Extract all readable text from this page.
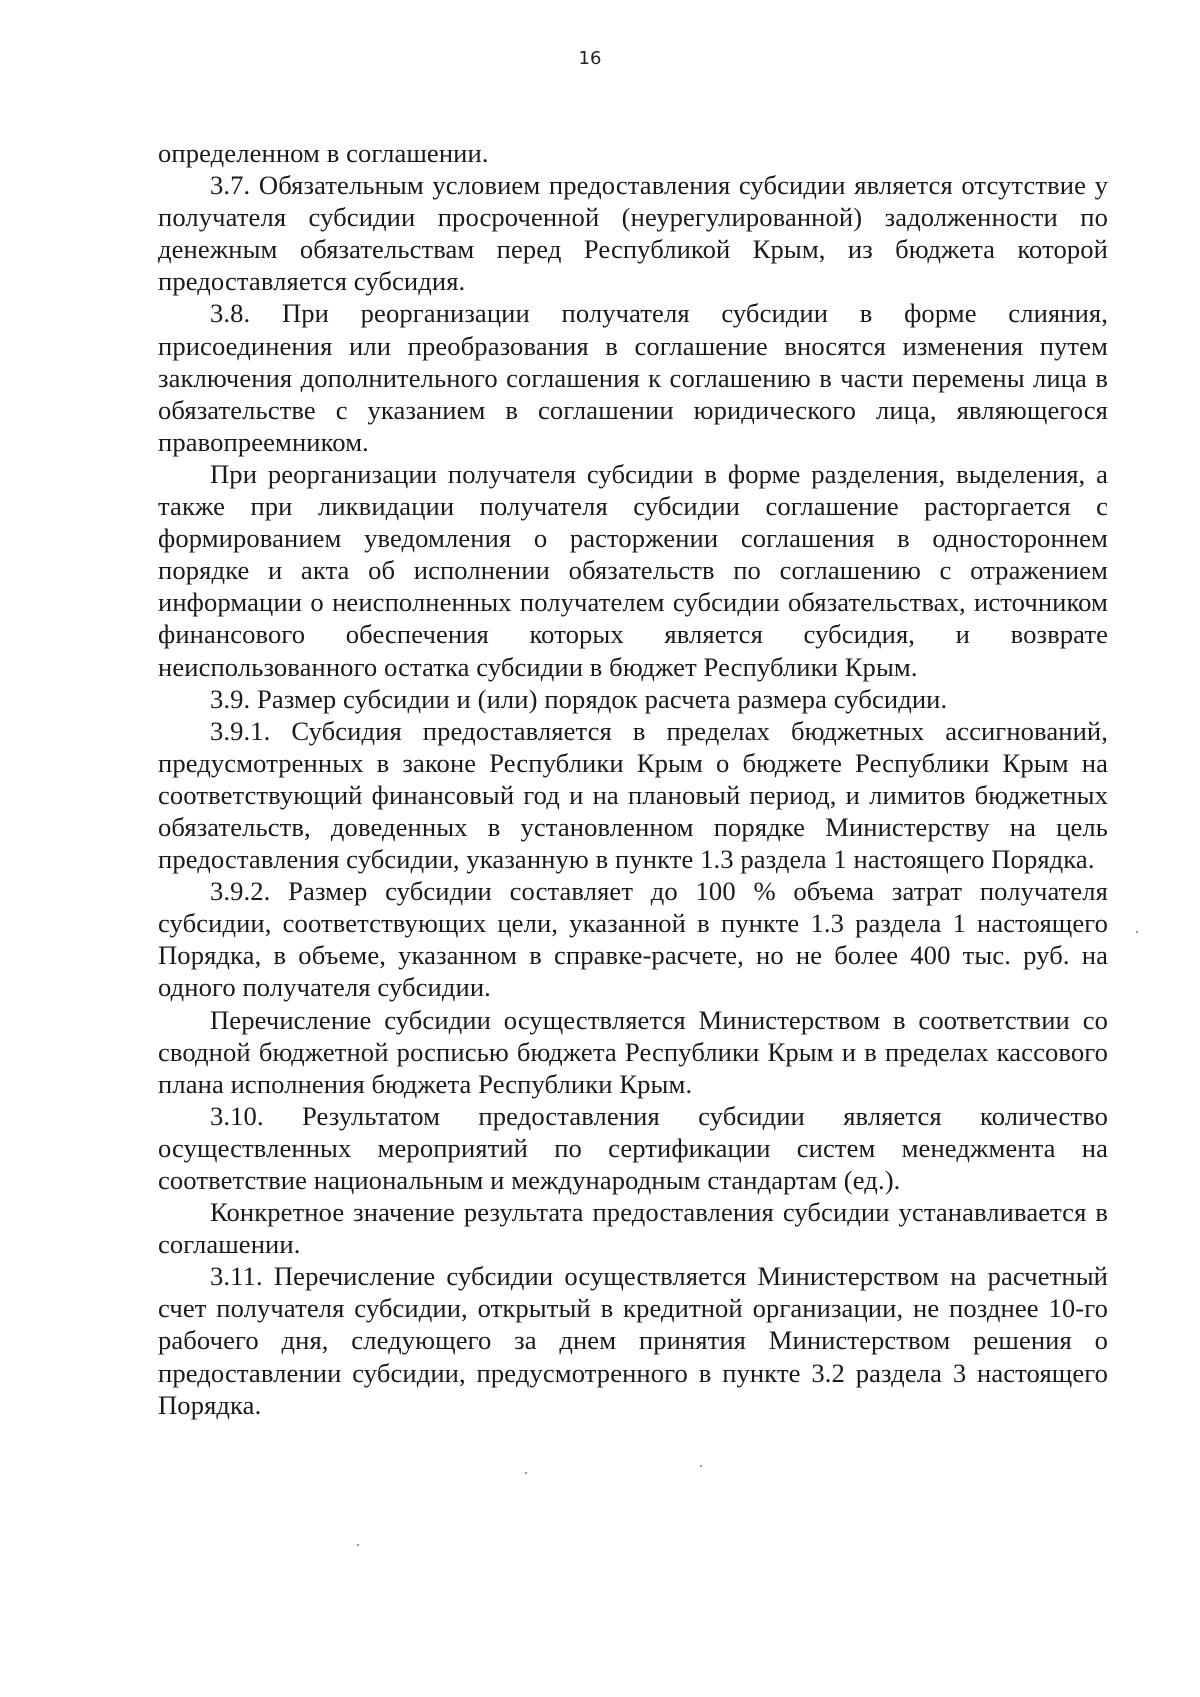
16

определенном в соглашении.

3.7. Обязательным условием предоставления субсидии является отсутствие у получателя субсидии просроченной (неурегулированной) задолженности по денежным обязательствам перед Республикой Крым, из бюджета которой предоставляется субсидия.

3.8. При реорганизации получателя субсидии в форме слияния, присоединения или преобразования в соглашение вносятся изменения путем заключения дополнительного соглашения к соглашению в части перемены лица в обязательстве с указанием в соглашении юридического лица, являющегося правопреемником.

При реорганизации получателя субсидии в форме разделения, выделения, а также при ликвидации получателя субсидии соглашение расторгается с формированием уведомления о расторжении соглашения в одностороннем порядке и акта об исполнении обязательств по соглашению с отражением информации о неисполненных получателем субсидии обязательствах, источником финансового обеспечения которых является субсидия, и возврате неиспользованного остатка субсидии в бюджет Республики Крым.

3.9. Размер субсидии и (или) порядок расчета размера субсидии.

3.9.1. Субсидия предоставляется в пределах бюджетных ассигнований, предусмотренных в законе Республики Крым о бюджете Республики Крым на соответствующий финансовый год и на плановый период, и лимитов бюджетных обязательств, доведенных в установленном порядке Министерству на цель предоставления субсидии, указанную в пункте 1.3 раздела 1 настоящего Порядка.

3.9.2. Размер субсидии составляет до 100 % объема затрат получателя субсидии, соответствующих цели, указанной в пункте 1.3 раздела 1 настоящего Порядка, в объеме, указанном в справке-расчете, но не более 400 тыс. руб. на одного получателя субсидии.

Перечисление субсидии осуществляется Министерством в соответствии со сводной бюджетной росписью бюджета Республики Крым и в пределах кассового плана исполнения бюджета Республики Крым.

3.10. Результатом предоставления субсидии является количество осуществленных мероприятий по сертификации систем менеджмента на соответствие национальным и международным стандартам (ед.).

Конкретное значение результата предоставления субсидии устанавливается в соглашении.

3.11. Перечисление субсидии осуществляется Министерством на расчетный счет получателя субсидии, открытый в кредитной организации, не позднее 10-го рабочего дня, следующего за днем принятия Министерством решения о предоставлении субсидии, предусмотренного в пункте 3.2 раздела 3 настоящего Порядка.
